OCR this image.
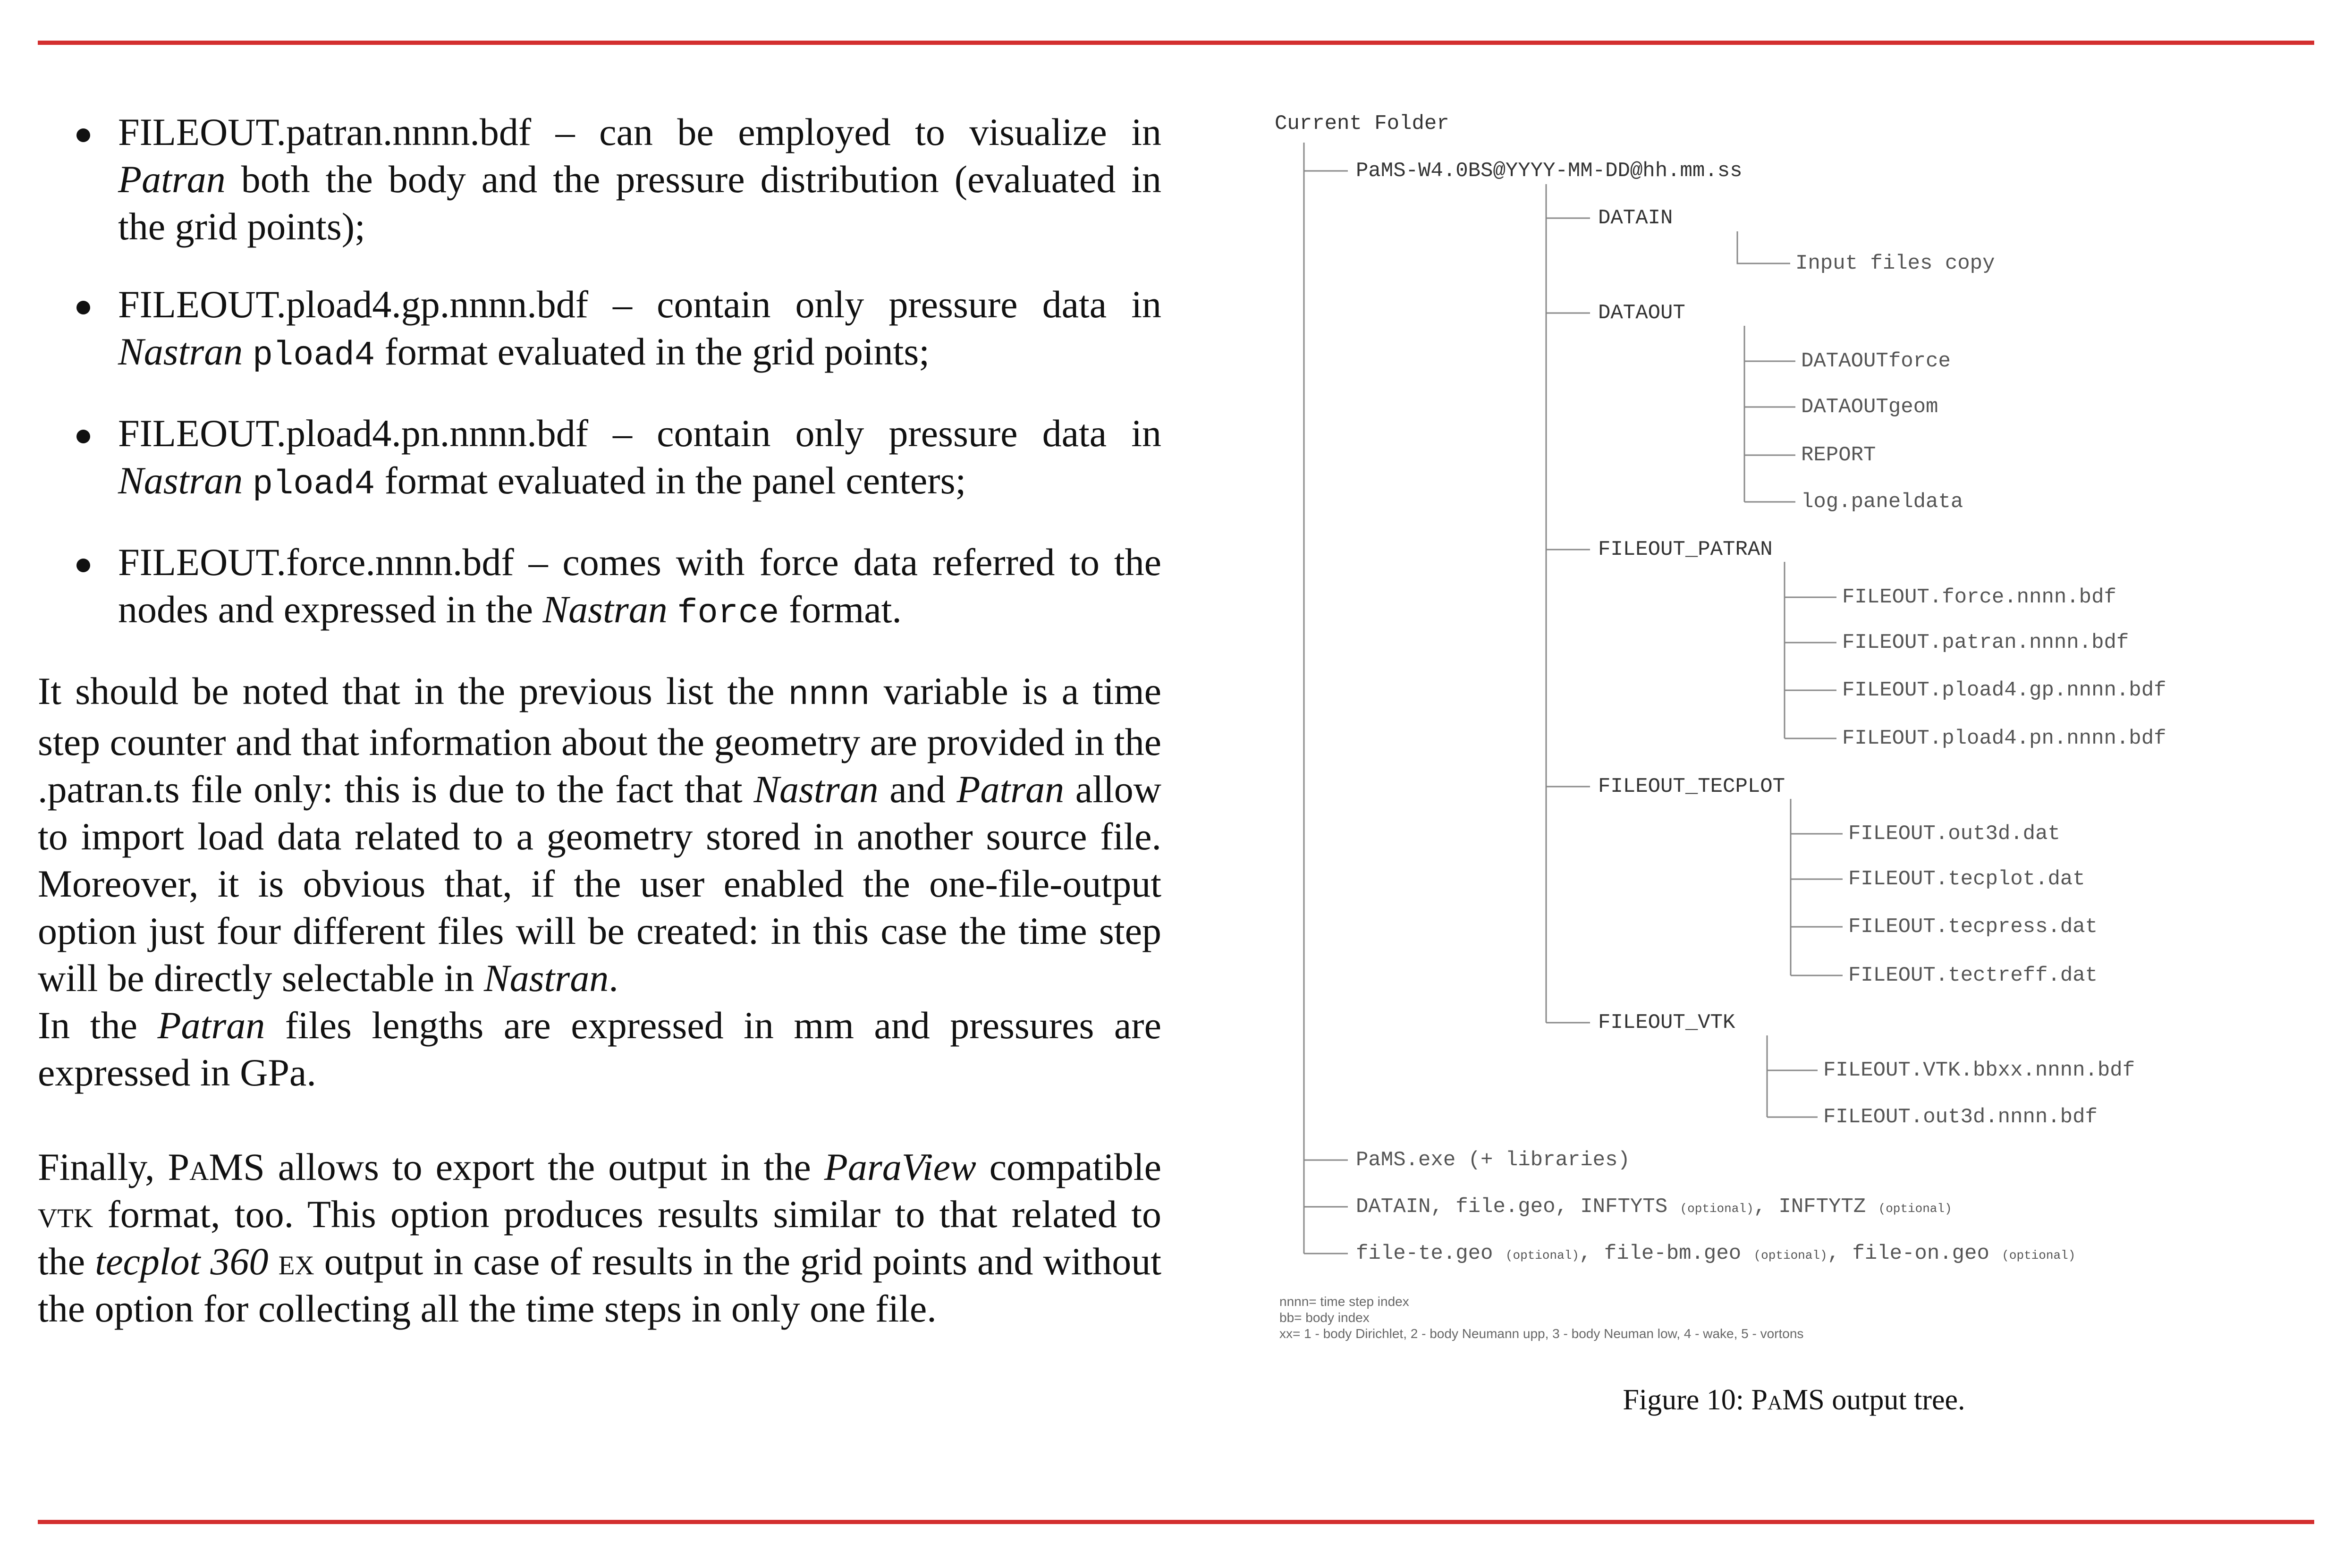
FILEOUT.patran.nnnn.bdf – can be employed to visualize in Patran both the body and the pressure distribution (evaluated in the grid points);
FILEOUT.pload4.gp.nnnn.bdf – contain only pressure data in Nastran pload4 format evaluated in the grid points;
FILEOUT.pload4.pn.nnnn.bdf – contain only pressure data in Nastran pload4 format evaluated in the panel centers;
FILEOUT.force.nnnn.bdf – comes with force data referred to the nodes and expressed in the Nastran force format.

It should be noted that in the previous list the nnnn variable is a time step counter and that information about the geometry are provided in the .patran.ts file only: this is due to the fact that Nastran and Patran allow to import load data related to a geometry stored in another source file. Moreover, it is obvious that, if the user enabled the one-file-output option just four different files will be created: in this case the time step will be directly selectable in Nastran.

In the Patran files lengths are expressed in mm and pressures are expressed in GPa.

Finally, PaMS allows to export the output in the ParaView compatible vtk format, too. This option produces results similar to that related to the tecplot 360 ex output in case of results in the grid points and without the option for collecting all the time steps in only one file.

Current Folder
PaMS-W4.0BS@YYYY-MM-DD@hh.mm.ss
DATAIN
Input files copy
DATAOUT
DATAOUTforce
DATAOUTgeom
REPORT
log.paneldata
FILEOUT_PATRAN
FILEOUT.force.nnnn.bdf
FILEOUT.patran.nnnn.bdf
FILEOUT.pload4.gp.nnnn.bdf
FILEOUT.pload4.pn.nnnn.bdf
FILEOUT_TECPLOT
FILEOUT.out3d.dat
FILEOUT.tecplot.dat
FILEOUT.tecpress.dat
FILEOUT.tectreff.dat
FILEOUT_VTK
FILEOUT.VTK.bbxx.nnnn.bdf
FILEOUT.out3d.nnnn.bdf
PaMS.exe (+ libraries)
DATAIN, file.geo, INFTYTS (optional), INFTYTZ (optional)
file-te.geo (optional), file-bm.geo (optional), file-on.geo (optional)
nnnn= time step index
bb= body index
xx= 1 - body Dirichlet, 2 - body Neumann upp, 3 - body Neuman low, 4 - wake, 5 - vortons
Figure 10: PaMS output tree.
